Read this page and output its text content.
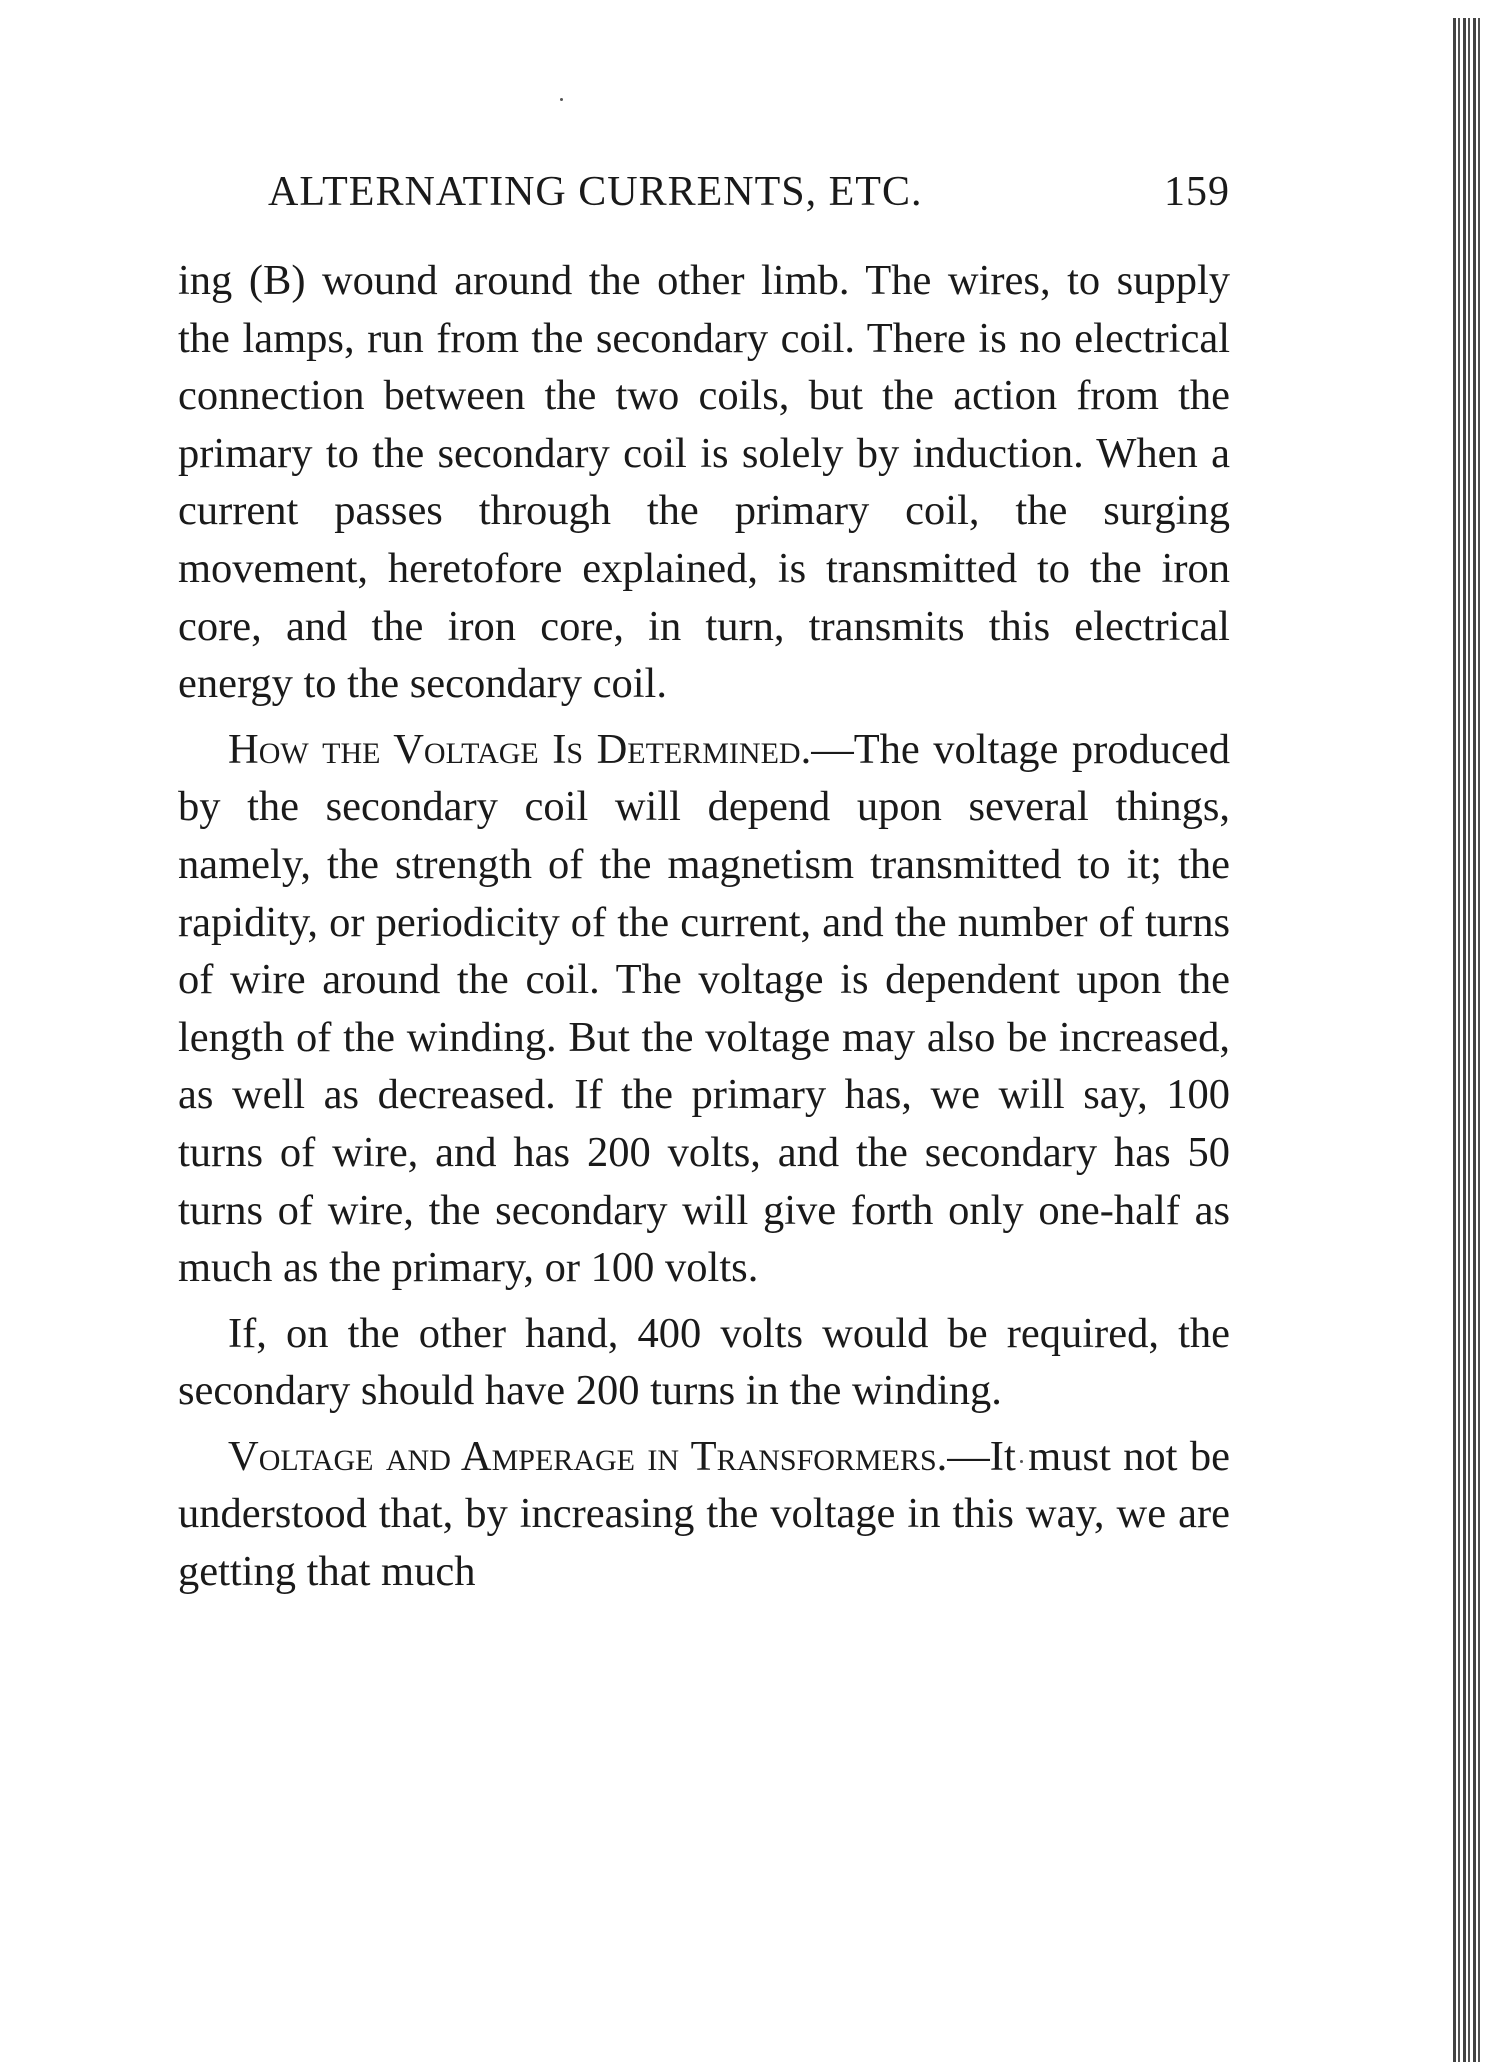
ALTERNATING CURRENTS, ETC.	159

ing (B) wound around the other limb. The wires, to supply the lamps, run from the secondary coil. There is no electrical connection between the two coils, but the action from the primary to the secondary coil is solely by induction. When a current passes through the primary coil, the surging movement, heretofore explained, is transmitted to the iron core, and the iron core, in turn, transmits this electrical energy to the secondary coil.

How the Voltage Is Determined.—The voltage produced by the secondary coil will depend upon several things, namely, the strength of the magnetism transmitted to it; the rapidity, or periodicity of the current, and the number of turns of wire around the coil. The voltage is dependent upon the length of the winding. But the voltage may also be increased, as well as decreased. If the primary has, we will say, 100 turns of wire, and has 200 volts, and the secondary has 50 turns of wire, the secondary will give forth only one-half as much as the primary, or 100 volts.

If, on the other hand, 400 volts would be required, the secondary should have 200 turns in the winding.

Voltage and Amperage in Transformers.—It must not be understood that, by increasing the voltage in this way, we are getting that much
